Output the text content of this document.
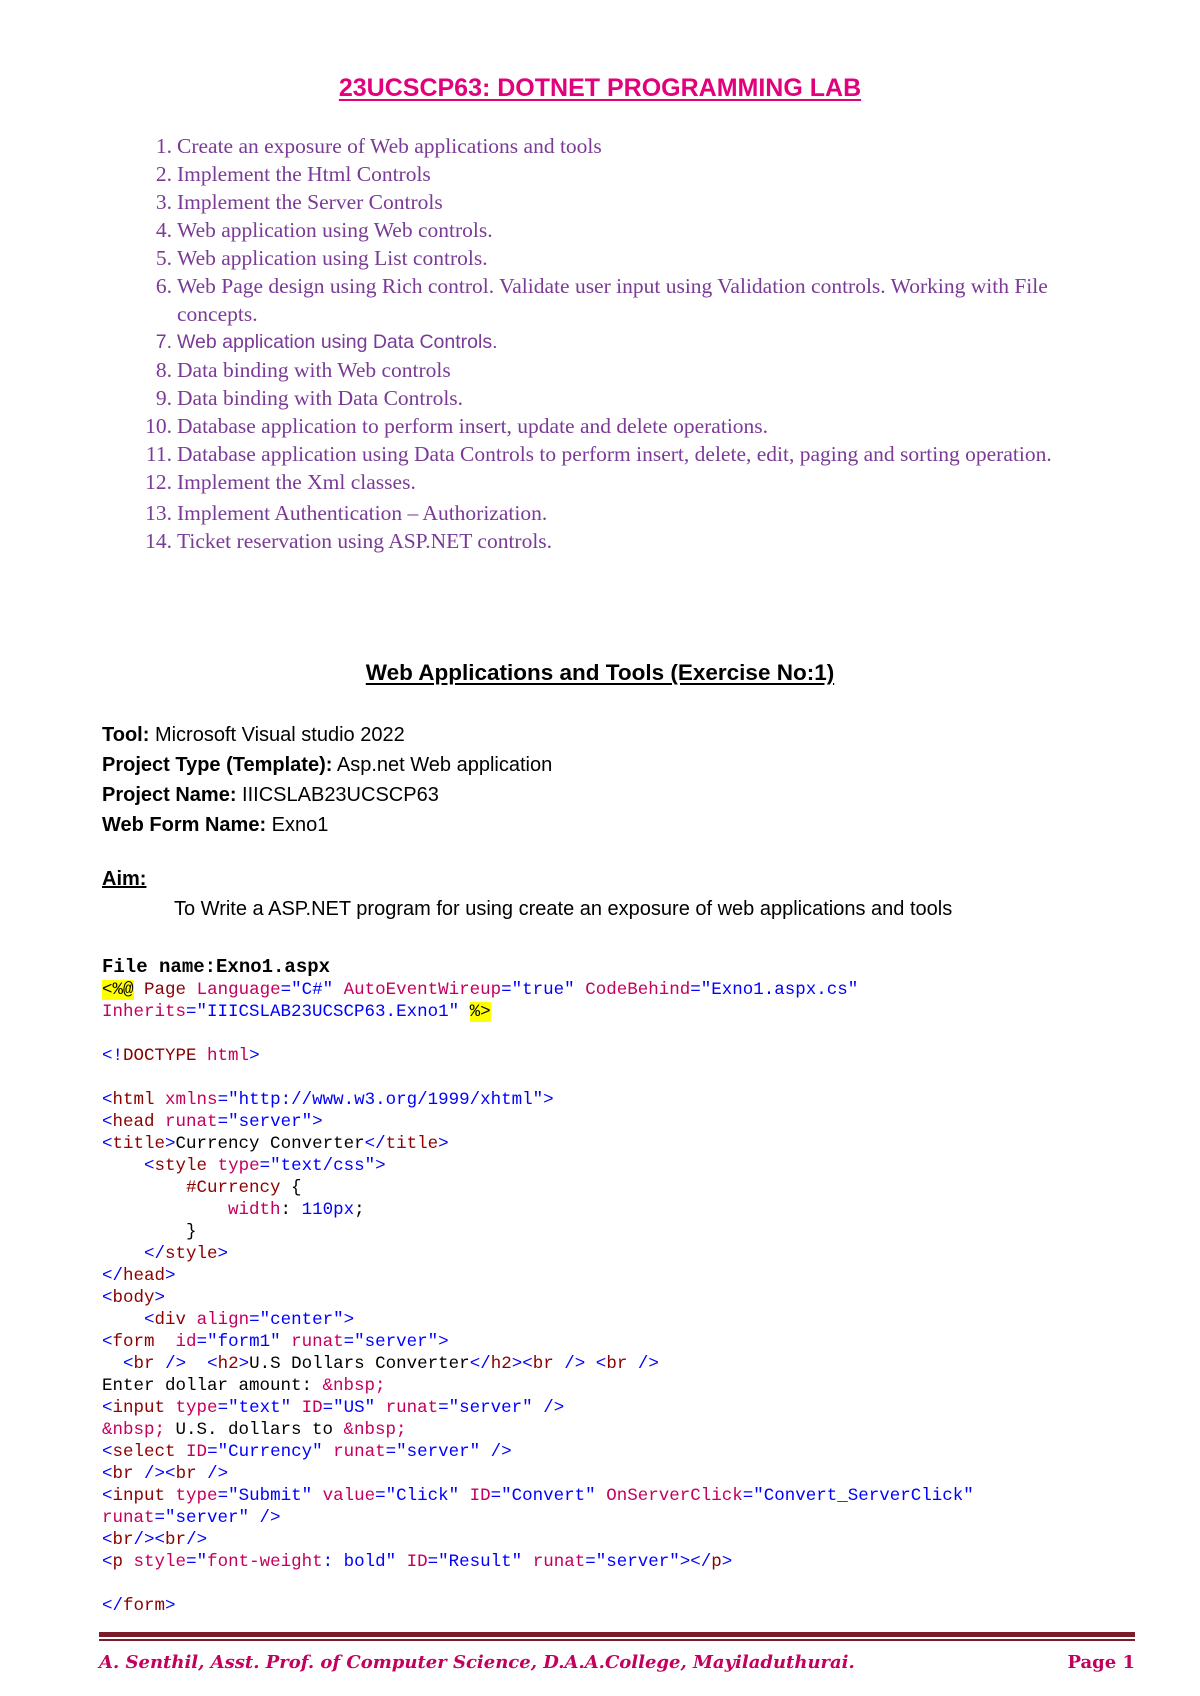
23UCSCP63: DOTNET PROGRAMMING LAB
1. Create an exposure of Web applications and tools
2. Implement the Html Controls
3. Implement the Server Controls
4. Web application using Web controls.
5. Web application using List controls.
6. Web Page design using Rich control. Validate user input using Validation controls. Working with File concepts.
7. Web application using Data Controls.
8. Data binding with Web controls
9. Data binding with Data Controls.
10. Database application to perform insert, update and delete operations.
11. Database application using Data Controls to perform insert, delete, edit, paging and sorting operation.
12. Implement the Xml classes.
13. Implement Authentication – Authorization.
14. Ticket reservation using ASP.NET controls.
Web Applications and Tools (Exercise No:1)
Tool: Microsoft Visual studio 2022
Project Type (Template): Asp.net Web application
Project Name: IIICSLAB23UCSCP63
Web Form Name: Exno1
Aim:
To Write a ASP.NET program for using create an exposure of web applications and tools
File name:Exno1.aspx
<%@ Page Language="C#" AutoEventWireup="true" CodeBehind="Exno1.aspx.cs"
Inherits="IIICSLAB23UCSCP63.Exno1" %>

<!DOCTYPE html>

<html xmlns="http://www.w3.org/1999/xhtml">
<head runat="server">
<title>Currency Converter</title>
<style type="text/css">
#Currency {
width: 110px;
}
</style>
</head>
<body>
<div align="center">
<form id="form1" runat="server">
<br /> <h2>U.S Dollars Converter</h2><br /> <br />
Enter dollar amount: &nbsp;
<input type="text" ID="US" runat="server" />
&nbsp; U.S. dollars to &nbsp;
<select ID="Currency" runat="server" />
<br /><br />
<input type="Submit" value="Click" ID="Convert" OnServerClick="Convert_ServerClick"
runat="server" />
<br/><br/>
<p style="font-weight: bold" ID="Result" runat="server"></p>

</form>
A. Senthil, Asst. Prof. of Computer Science, D.A.A.College, Mayiladuthurai.	Page 1
